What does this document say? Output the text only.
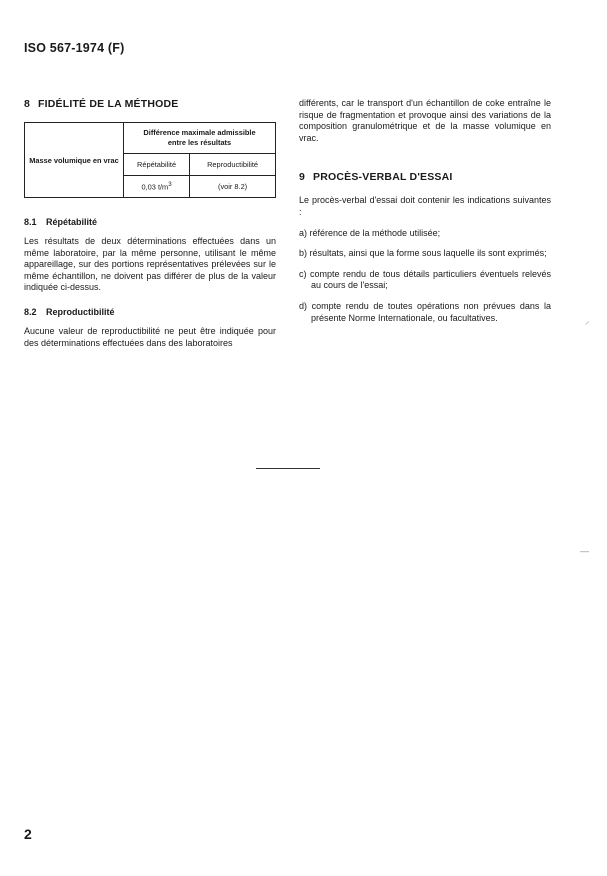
ISO 567-1974 (F)
8 FIDÉLITÉ DE LA MÉTHODE
Masse volumique en vrac	Différence maximale admissible
entre les résultats	
	Répétabilité	Reproductibilité
	0,03 $t/m^3$	(voir 8.2)
8.1 Répétabilité

Les résultats de deux déterminations effectuées dans un même laboratoire, par la même personne, utilisant le même appareillage, sur des portions représentatives prélevées sur le même échantillon, ne doivent pas différer de plus de la valeur indiquée ci-dessus.

8.2 Reproductibilité

Aucune valeur de reproductibilité ne peut être indiquée pour des déterminations effectuées dans des laboratoires

différents, car le transport d'un échantillon de coke entraîne le risque de fragmentation et provoque ainsi des variations de la composition granulométrique et de la masse volumique en vrac.

9 PROCÈS-VERBAL D'ESSAI

Le procès-verbal d'essai doit contenir les indications suivantes :

a) référence de la méthode utilisée;

b) résultats, ainsi que la forme sous laquelle ils sont exprimés;

c) compte rendu de tous détails particuliers éventuels relevés au cours de l'essai;

d) compte rendu de toutes opérations non prévues dans la présente Norme Internationale, ou facultatives.	⸝
—
2
